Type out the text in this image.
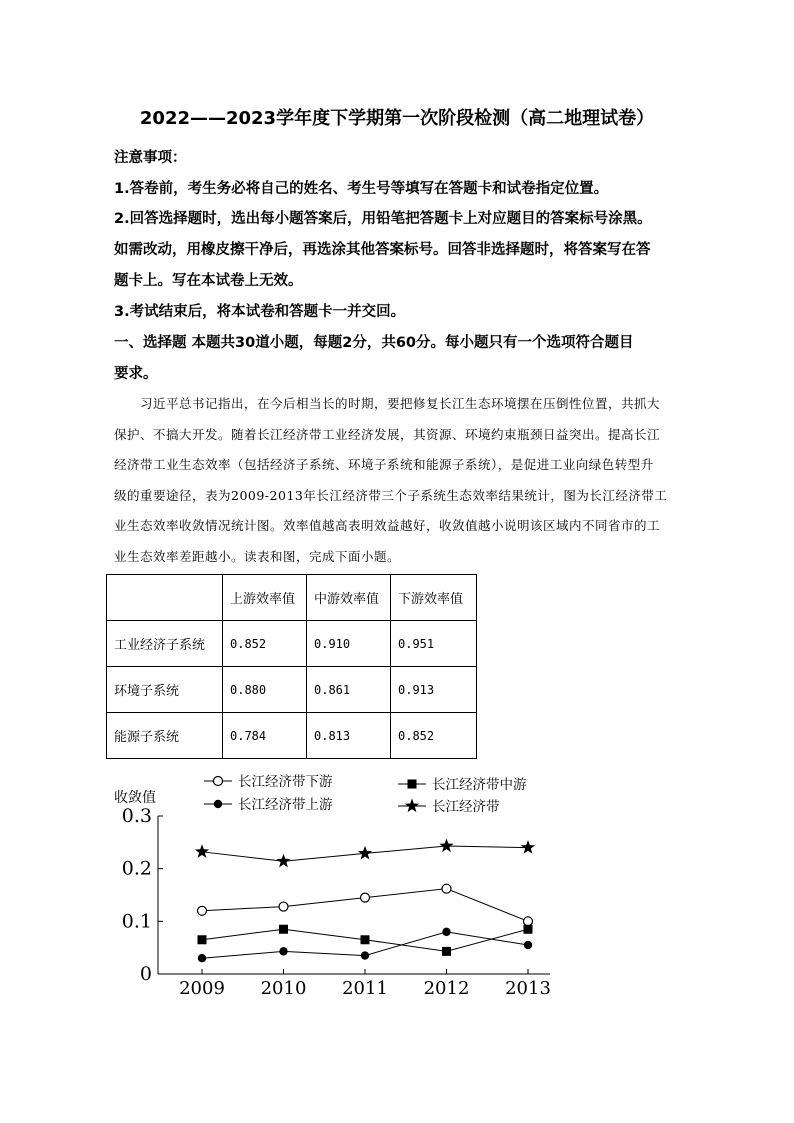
2022——2023学年度下学期第一次阶段检测（高二地理试卷）
注意事项：
1.答卷前，考生务必将自己的姓名、考生号等填写在答题卡和试卷指定位置。
2.回答选择题时，选出每小题答案后，用铅笔把答题卡上对应题目的答案标号涂黑。
如需改动，用橡皮擦干净后，再选涂其他答案标号。回答非选择题时，将答案写在答
题卡上。写在本试卷上无效。
3.考试结束后，将本试卷和答题卡一并交回。
一、选择题 本题共30道小题，每题2分，共60分。每小题只有一个选项符合题目
要求。

　　习近平总书记指出，在今后相当长的时期，要把修复长江生态环境摆在压倒性位置，共抓大

保护、不搞大开发。随着长江经济带工业经济发展，其资源、环境约束瓶颈日益突出。提高长江

经济带工业生态效率（包括经济子系统、环境子系统和能源子系统），是促进工业向绿色转型升

级的重要途径，表为2009-2013年长江经济带三个子系统生态效率结果统计，图为长江经济带工

业生态效率收敛情况统计图。效率值越高表明效益越好，收敛值越小说明该区域内不同省市的工

业生态效率差距越小。读表和图，完成下面小题。

	上游效率值	中游效率值	下游效率值
工业经济子系统	0.852	0.910	0.951
环境子系统	0.880	0.861	0.913
能源子系统	0.784	0.813	0.852
0
0.1
0.2
0.3
2009 2010 2011 2012 2013
收敛值
长江经济带下游	长江经济带中游
长江经济带上游	长江经济带
